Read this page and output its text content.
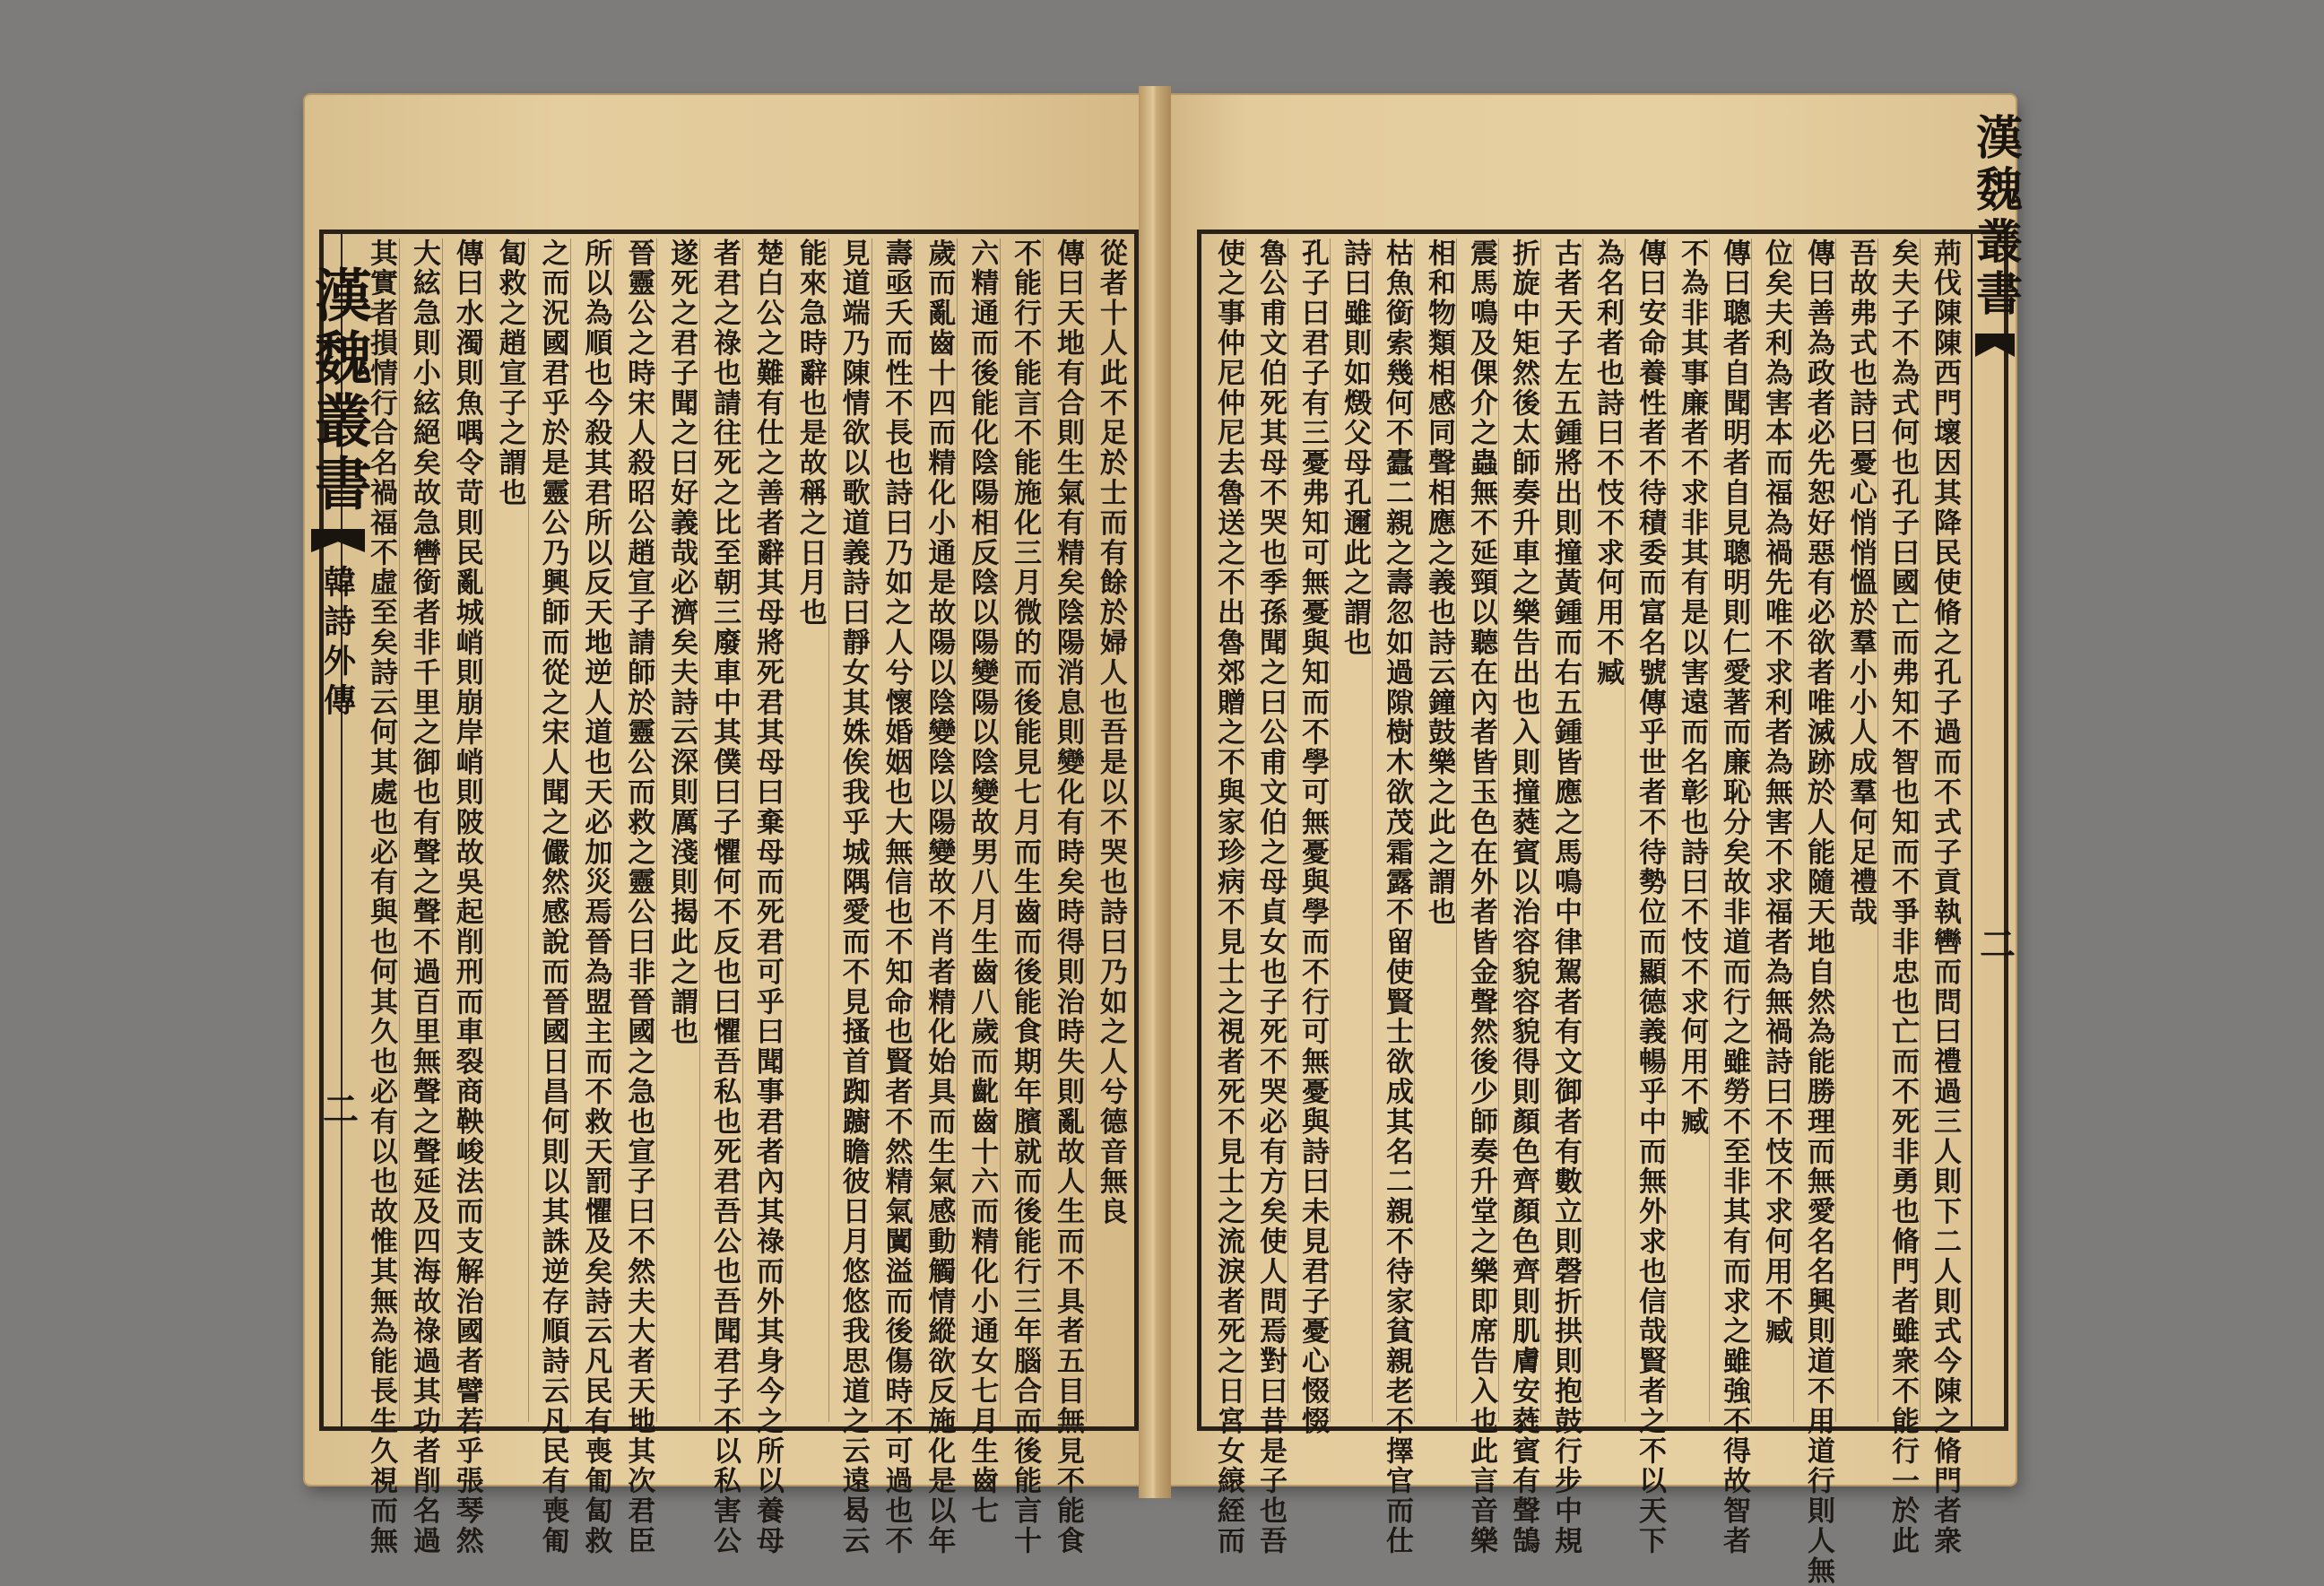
漢魏叢書
韓詩外傳
二	從者十人此不足於士而有餘於婦人也吾是以不哭也詩曰乃如之人兮德音無良
傳曰天地有合則生氣有精矣陰陽消息則變化有時矣時得則治時失則亂故人生而不具者五目無見不能食
不能行不能言不能施化三月微的而後能見七月而生齒而後能食期年臏就而後能行三年腦合而後能言十
六精通而後能化陰陽相反陰以陽變陽以陰變故男八月生齒八歲而齔齒十六而精化小通女七月生齒七
歲而亂齒十四而精化小通是故陽以陰變陰以陽變故不肖者精化始具而生氣感動觸情縱欲反施化是以年
壽亟夭而性不長也詩曰乃如之人兮懷婚姻也大無信也不知命也賢者不然精氣闐溢而後傷時不可過也不
見道端乃陳情欲以歌道義詩曰靜女其姝俟我乎城隅愛而不見搔首踟躕瞻彼日月悠悠我思道之云遠曷云
能來急時辭也是故稱之日月也
楚白公之難有仕之善者辭其母將死君其母曰棄母而死君可乎曰聞事君者內其祿而外其身今之所以養母
者君之祿也請往死之比至朝三廢車中其僕曰子懼何不反也曰懼吾私也死君吾公也吾聞君子不以私害公
遂死之君子聞之曰好義哉必濟矣夫詩云深則厲淺則揭此之謂也
晉靈公之時宋人殺昭公趙宣子請師於靈公而救之靈公曰非晉國之急也宣子曰不然夫大者天地其次君臣
所以為順也今殺其君所以反天地逆人道也天必加災焉晉為盟主而不救天罰懼及矣詩云凡民有喪匍匐救
之而況國君乎於是靈公乃興師而從之宋人聞之儼然感說而晉國日昌何則以其誅逆存順詩云凡民有喪匍
匐救之趙宣子之謂也
傳曰水濁則魚喁令苛則民亂城峭則崩岸峭則陂故吳起削刑而車裂商鞅峻法而支解治國者譬若乎張琴然
大絃急則小絃絕矣故急轡銜者非千里之御也有聲之聲不過百里無聲之聲延及四海故祿過其功者削名過
其實者損情行合名禍福不虛至矣詩云何其處也必有與也何其久也必有以也故惟其無為能長生久視而無
漢魏叢書
二
荊伐陳陳西門壞因其降民使脩之孔子過而不式子貢執轡而問曰禮過三人則下二人則式今陳之脩門者衆
矣夫子不為式何也孔子曰國亡而弗知不智也知而不爭非忠也亡而不死非勇也脩門者雖衆不能行一於此
吾故弗式也詩曰憂心悄悄慍於羣小小人成羣何足禮哉
傳曰善為政者必先恕好惡有必欲者唯滅跡於人能隨天地自然為能勝理而無愛名名興則道不用道行則人無
位矣夫利為害本而福為禍先唯不求利者為無害不求福者為無禍詩曰不忮不求何用不臧
傳曰聰者自聞明者自見聰明則仁愛著而廉恥分矣故非道而行之雖勞不至非其有而求之雖強不得故智者
不為非其事廉者不求非其有是以害遠而名彰也詩曰不忮不求何用不臧
傳曰安命養性者不待積委而富名號傳乎世者不待勢位而顯德義暢乎中而無外求也信哉賢者之不以天下
為名利者也詩曰不忮不求何用不臧
古者天子左五鍾將出則撞黃鍾而右五鍾皆應之馬鳴中律駕者有文御者有數立則磬折拱則抱鼓行步中規
折旋中矩然後太師奏升車之樂告出也入則撞蕤賓以治容貌容貌得則顏色齊顏色齊則肌膚安蕤賓有聲鵠
震馬鳴及倮介之蟲無不延頸以聽在內者皆玉色在外者皆金聲然後少師奏升堂之樂即席告入也此言音樂
相和物類相感同聲相應之義也詩云鐘鼓樂之此之謂也
枯魚銜索幾何不蠹二親之壽忽如過隙樹木欲茂霜露不留使賢士欲成其名二親不待家貧親老不擇官而仕
詩曰雖則如燬父母孔邇此之謂也
孔子曰君子有三憂弗知可無憂與知而不學可無憂與學而不行可無憂與詩曰未見君子憂心惙惙
魯公甫文伯死其母不哭也季孫聞之曰公甫文伯之母貞女也子死不哭必有方矣使人問焉對曰昔是子也吾
使之事仲尼仲尼去魯送之不出魯郊贈之不與家珍病不見士之視者死不見士之流淚者死之日宮女縗絰而
